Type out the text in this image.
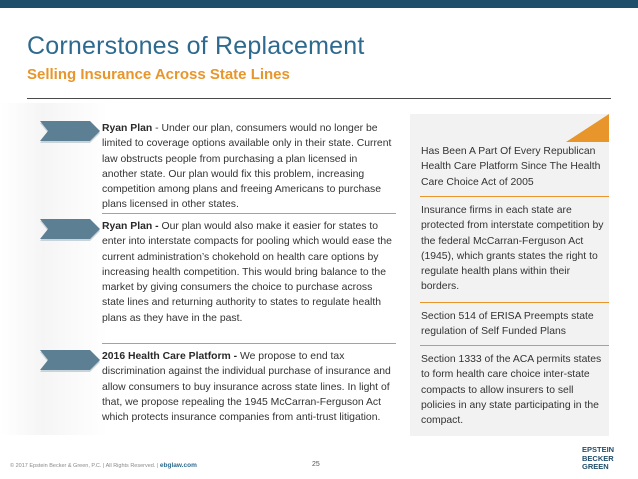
Cornerstones of Replacement
Selling Insurance Across State Lines
Ryan Plan - Under our plan, consumers would no longer be limited to coverage options available only in their state. Current law obstructs people from purchasing a plan licensed in another state. Our plan would fix this problem, increasing competition among plans and freeing Americans to purchase plans licensed in other states.
Ryan Plan - Our plan would also make it easier for states to enter into interstate compacts for pooling which would ease the current administration’s chokehold on health care options by increasing health competition. This would bring balance to the market by giving consumers the choice to purchase across state lines and returning authority to states to regulate health plans as they have in the past.
2016 Health Care Platform - We propose to end tax discrimination against the individual purchase of insurance and allow consumers to buy insurance across state lines. In light of that, we propose repealing the 1945 McCarran-Ferguson Act which protects insurance companies from anti-trust litigation.
Has Been A Part Of Every Republican Health Care Platform Since The Health Care Choice Act of 2005
Insurance firms in each state are protected from interstate competition by the federal McCarran-Ferguson Act (1945), which grants states the right to regulate health plans within their borders.
Section 514 of ERISA Preempts state regulation of Self Funded Plans
Section 1333 of the ACA permits states to form health care choice inter-state compacts to allow insurers to sell policies in any state participating in the compact.
© 2017 Epstein Becker & Green, P.C. | All Rights Reserved. | ebglaw.com	25
EPSTEIN
BECKER
GREEN
